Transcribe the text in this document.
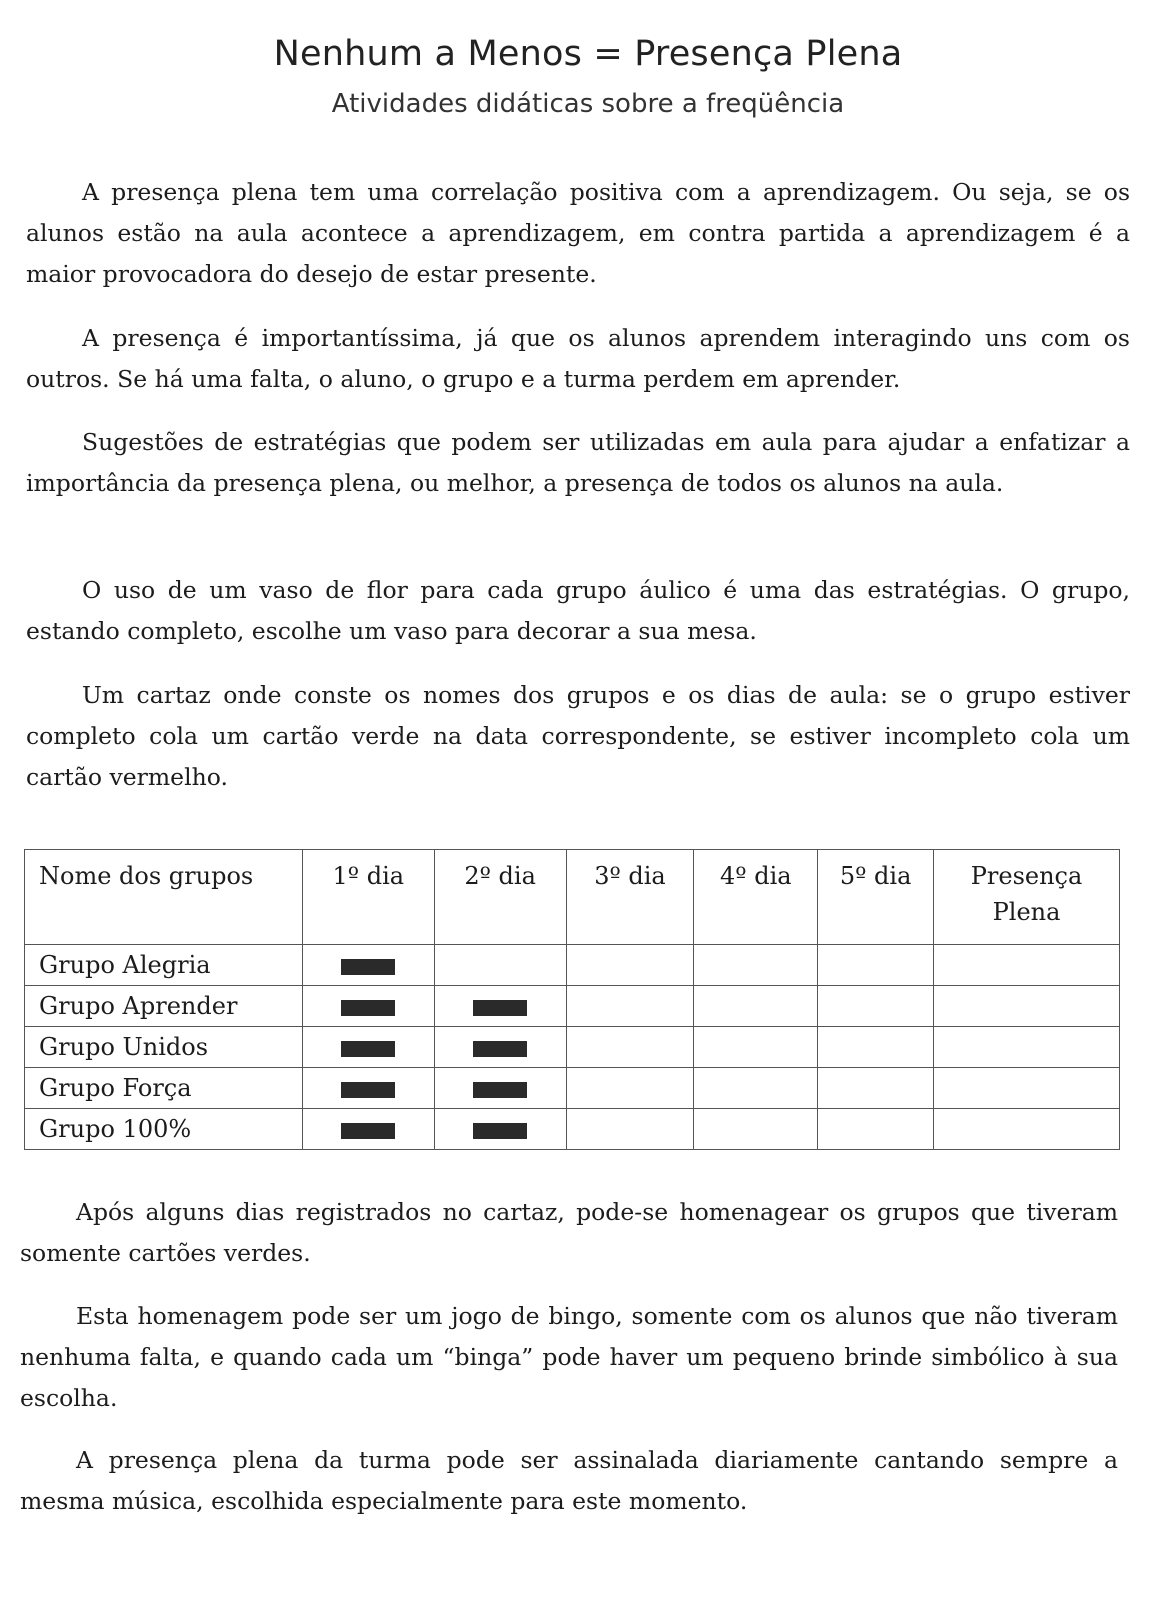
Nenhum a Menos = Presença Plena
Atividades didáticas sobre a freqüência

A presença plena tem uma correlação positiva com a aprendizagem. Ou seja, se os alunos estão na aula acontece a aprendizagem, em contra partida a aprendizagem é a maior provocadora do desejo de estar presente.

A presença é importantíssima, já que os alunos aprendem interagindo uns com os outros. Se há uma falta, o aluno, o grupo e a turma perdem em aprender.

Sugestões de estratégias que podem ser utilizadas em aula para ajudar a enfatizar a importância da presença plena, ou melhor, a presença de todos os alunos na aula.

O uso de um vaso de flor para cada grupo áulico é uma das estratégias. O grupo, estando completo, escolhe um vaso para decorar a sua mesa.

Um cartaz onde conste os nomes dos grupos e os dias de aula: se o grupo estiver completo cola um cartão verde na data correspondente, se estiver incompleto cola um cartão vermelho.

Nome dos grupos	1º dia	2º dia	3º dia	4º dia	5º dia	Presença Plena
Grupo Alegria						
Grupo Aprender						
Grupo Unidos						
Grupo Força						
Grupo 100%						

Após alguns dias registrados no cartaz, pode-se homenagear os grupos que tiveram somente cartões verdes.

Esta homenagem pode ser um jogo de bingo, somente com os alunos que não tiveram nenhuma falta, e quando cada um “binga” pode haver um pequeno brinde simbólico à sua escolha.

A presença plena da turma pode ser assinalada diariamente cantando sempre a mesma música, escolhida especialmente para este momento.
